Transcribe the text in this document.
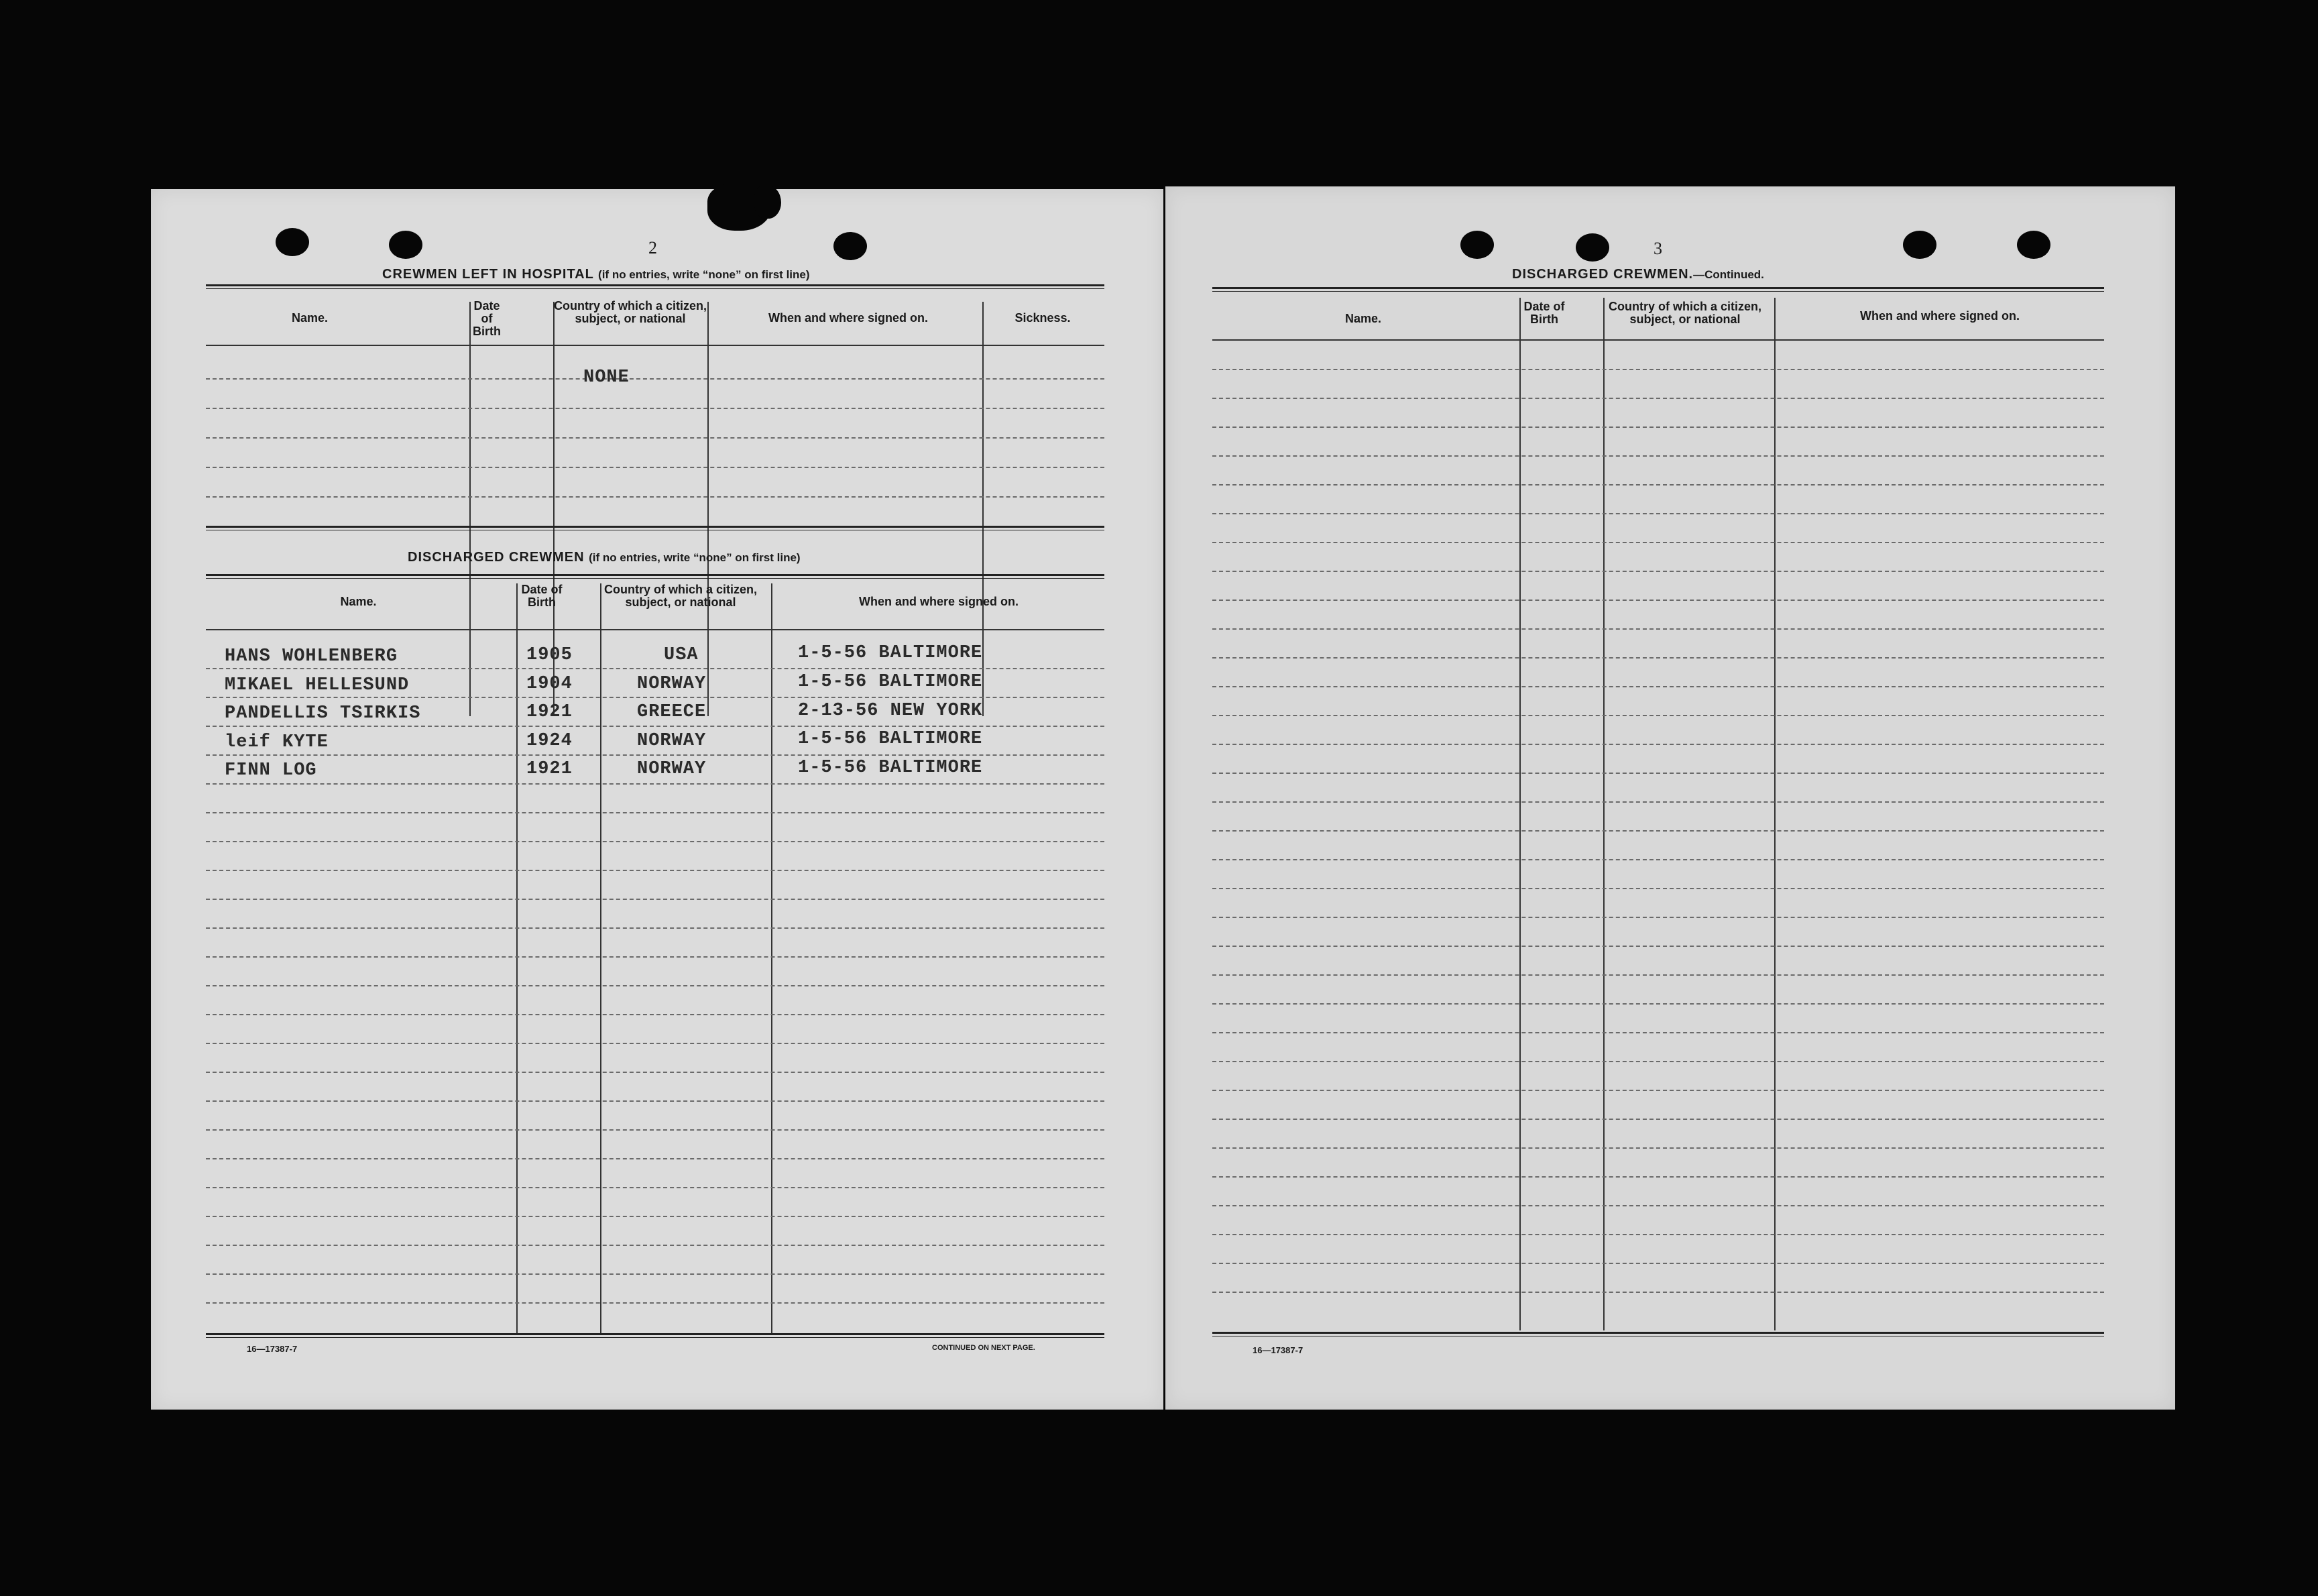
2
CREWMEN LEFT IN HOSPITAL (if no entries, write “none” on first line)
Name.
Date of Birth
Country of which a citizen, subject, or national	When and where signed on.	Sickness.
NONE
DISCHARGED CREWMEN (if no entries, write “none” on first line)
Name.
Date of Birth
Country of which a citizen, subject, or national	When and where signed on.
HANS WOHLENBERG	1905	USA	1-5-56 BALTIMORE
MIKAEL HELLESUND	1904	NORWAY	1-5-56 BALTIMORE
PANDELLIS TSIRKIS	1921	GREECE	2-13-56 NEW YORK
leif KYTE	1924	NORWAY	1-5-56 BALTIMORE
FINN LOG	1921	NORWAY	1-5-56 BALTIMORE
16—17387-7	CONTINUED ON NEXT PAGE.
3
DISCHARGED CREWMEN.—Continued.
Name.
Date of Birth
Country of which a citizen, subject, or national	When and where signed on.
16—17387-7
